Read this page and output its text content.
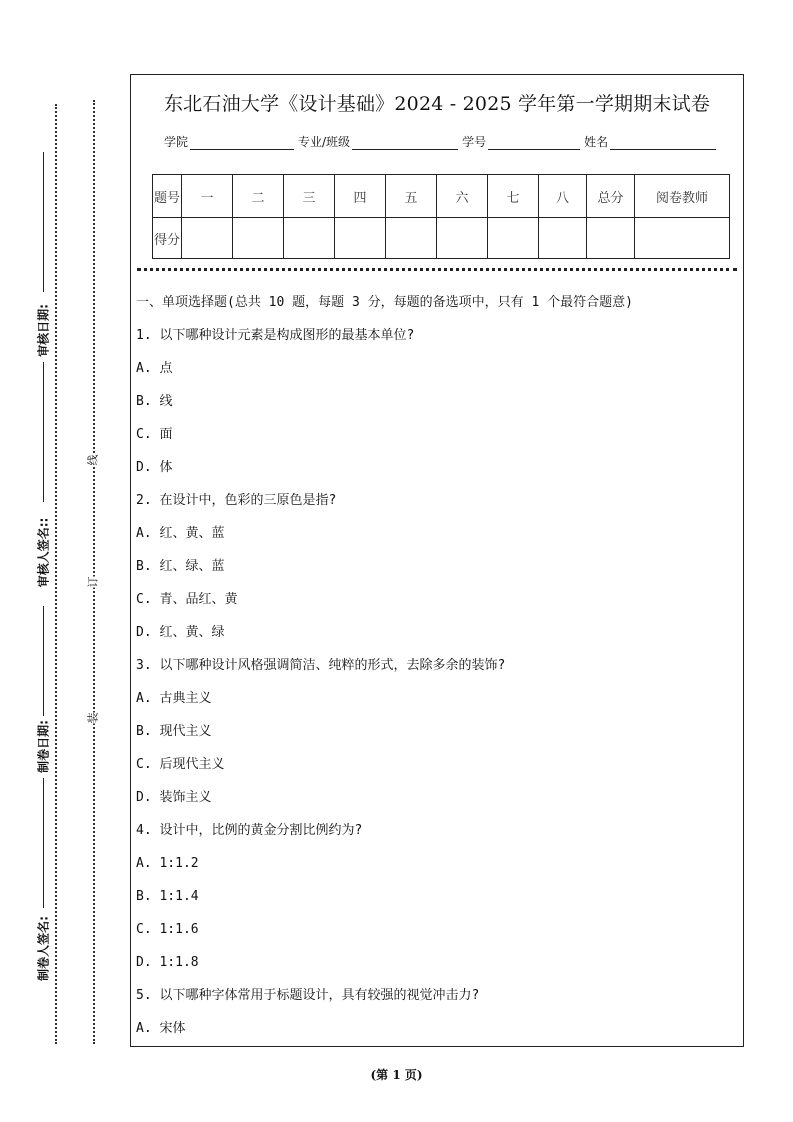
审核日期:
审核人签名::
制卷日期:
制卷人签名:
线
订
装
东北石油大学《设计基础》2024 - 2025 学年第一学期期末试卷
学院	专业/班级	学号	姓名
题号	一	二	三	四	五	六	七	八	总分	阅卷教师
得分										
一、单项选择题(总共 10 题，每题 3 分，每题的备选项中，只有 1 个最符合题意)
1. 以下哪种设计元素是构成图形的最基本单位?
A. 点
B. 线
C. 面
D. 体
2. 在设计中，色彩的三原色是指?
A. 红、黄、蓝
B. 红、绿、蓝
C. 青、品红、黄
D. 红、黄、绿
3. 以下哪种设计风格强调简洁、纯粹的形式，去除多余的装饰?
A. 古典主义
B. 现代主义
C. 后现代主义
D. 装饰主义
4. 设计中，比例的黄金分割比例约为?
A. 1:1.2
B. 1:1.4
C. 1:1.6
D. 1:1.8
5. 以下哪种字体常用于标题设计，具有较强的视觉冲击力?
A. 宋体
(第 1 页)
